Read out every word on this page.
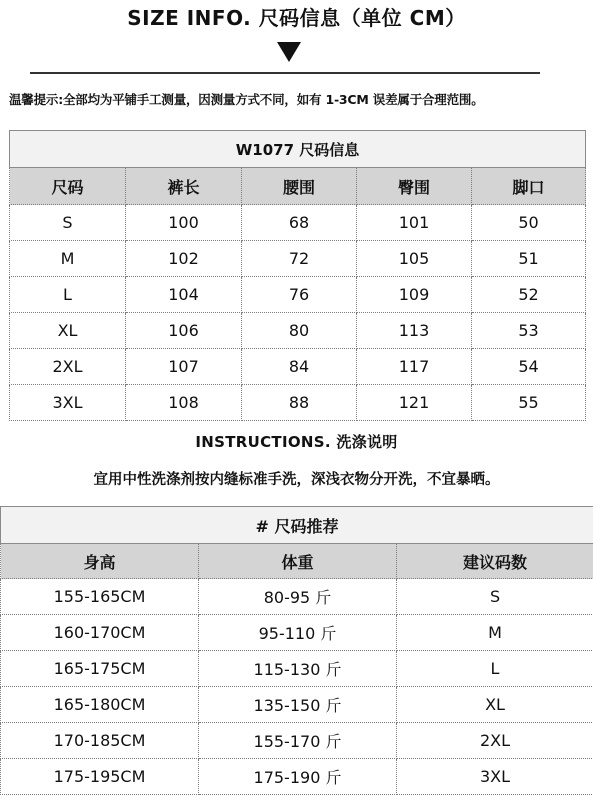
SIZE INFO. 尺码信息（单位 CM）
温馨提示:全部均为平铺手工测量，因测量方式不同，如有 1-3CM 误差属于合理范围。
W1077 尺码信息				
尺码	裤长	腰围	臀围	脚口
S	100	68	101	50
M	102	72	105	51
L	104	76	109	52
XL	106	80	113	53
2XL	107	84	117	54
3XL	108	88	121	55
INSTRUCTIONS. 洗涤说明
宜用中性洗涤剂按内缝标准手洗，深浅衣物分开洗，不宜暴晒。
# 尺码推荐		
身高	体重	建议码数
155-165CM	80-95 斤	S
160-170CM	95-110 斤	M
165-175CM	115-130 斤	L
165-180CM	135-150 斤	XL
170-185CM	155-170 斤	2XL
175-195CM	175-190 斤	3XL
